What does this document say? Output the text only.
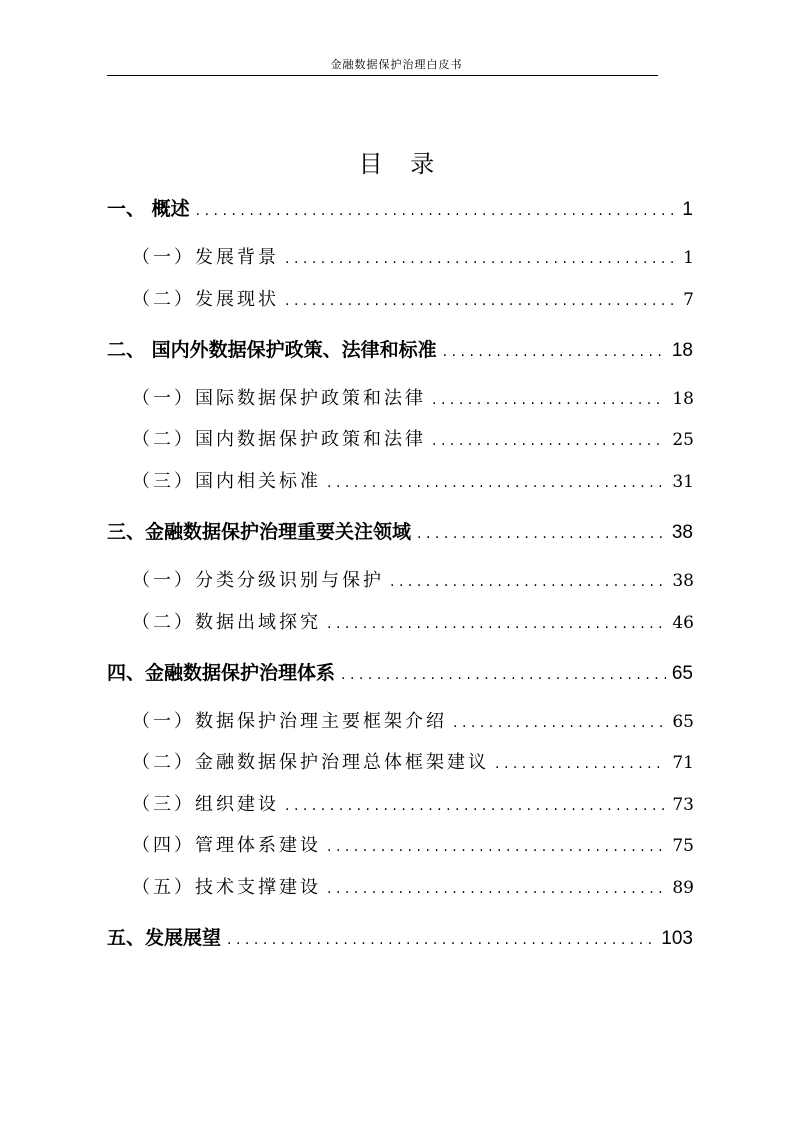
金融数据保护治理白皮书
目 录
一、 概述 .....	1
（一）发展背景 .....	1
（二）发展现状 .....	7
二、 国内外数据保护政策、法律和标准 .....	18
（一）国际数据保护政策和法律 .....	18
（二）国内数据保护政策和法律 .....	25
（三）国内相关标准 .....	31
三、金融数据保护治理重要关注领域 .....	38
（一）分类分级识别与保护 .....	38
（二）数据出域探究 .....	46
四、金融数据保护治理体系 .....	65
（一）数据保护治理主要框架介绍 .....	65
（二）金融数据保护治理总体框架建议 .....	71
（三）组织建设 .....	73
（四）管理体系建设 .....	75
（五）技术支撑建设 .....	89
五、发展展望 .....	103
